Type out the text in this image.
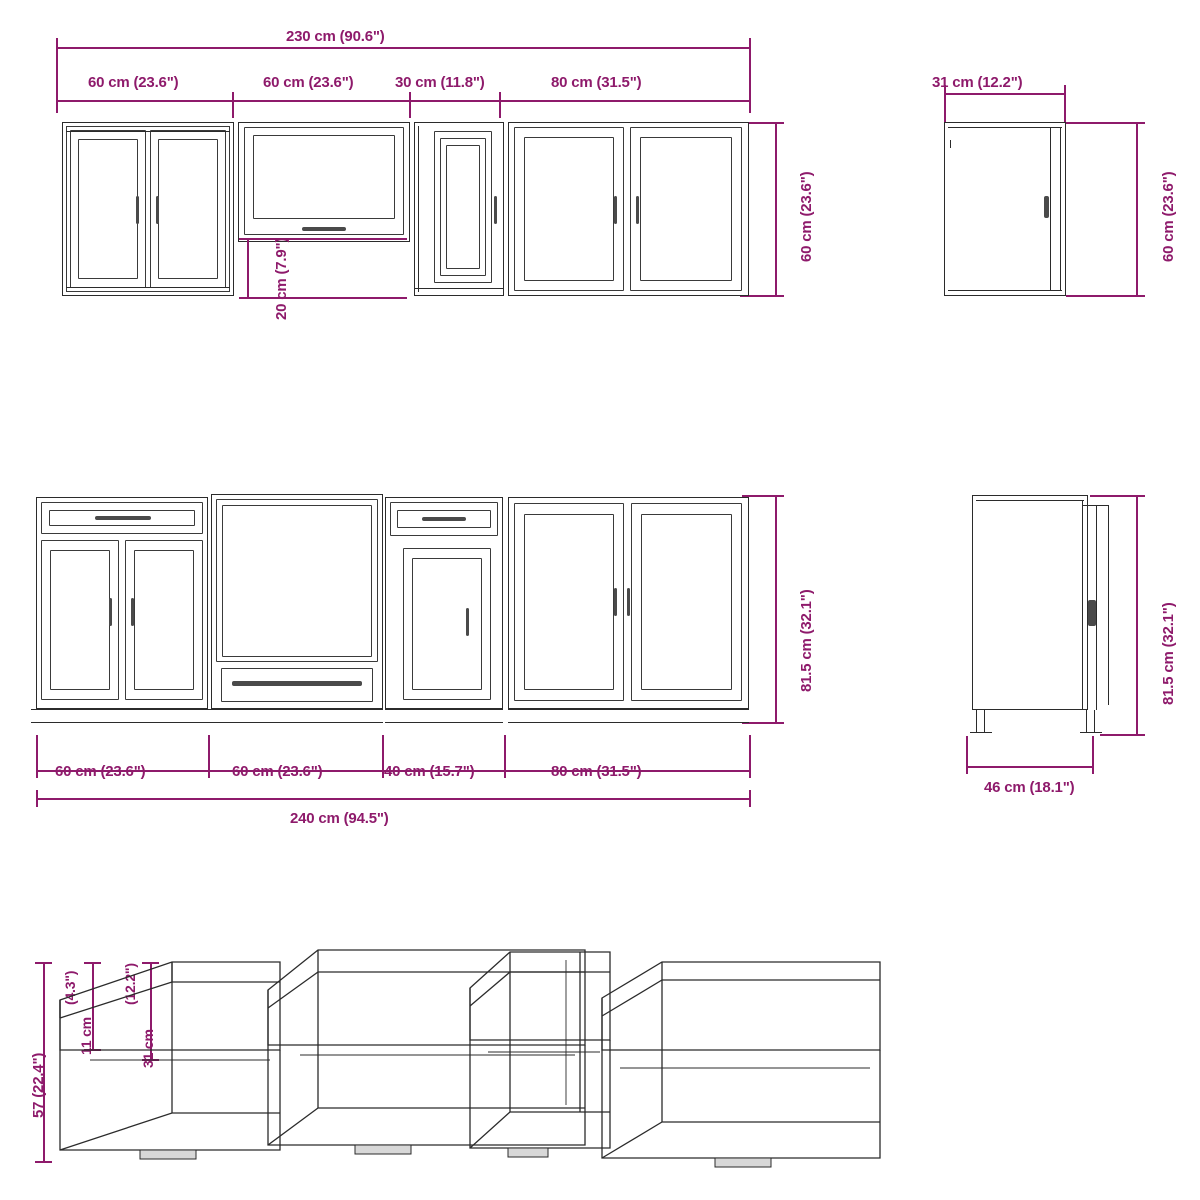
230 cm (90.6")
60 cm (23.6")	60 cm (23.6")	30 cm (11.8")	80 cm (31.5")
60 cm (23.6")
20 cm (7.9")
31 cm (12.2")
60 cm (23.6")
81.5 cm (32.1")
60 cm (23.6")	60 cm (23.6")	40 cm (15.7")	80 cm (31.5")
240 cm (94.5")
81.5 cm (32.1")
46 cm (18.1")
57 (22.4")
11 cm
(4.3")
31 cm
(12.2")
